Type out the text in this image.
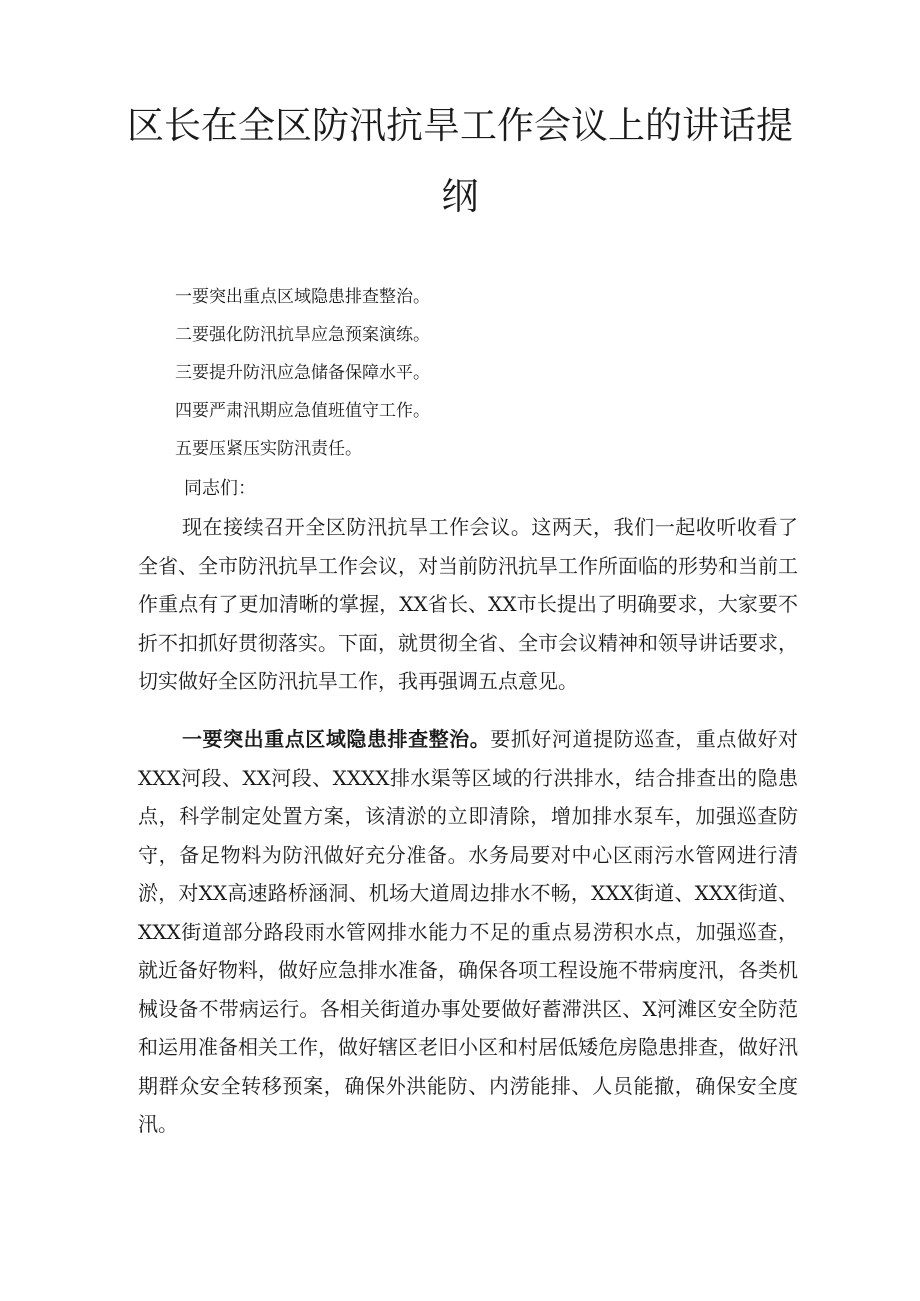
区长在全区防汛抗旱工作会议上的讲话提
纲
一要突出重点区域隐患排查整治。
二要强化防汛抗旱应急预案演练。
三要提升防汛应急储备保障水平。
四要严肃汛期应急值班值守工作。
五要压紧压实防汛责任。
同志们：

现在接续召开全区防汛抗旱工作会议。这两天，我们一起收听收看了全省、全市防汛抗旱工作会议，对当前防汛抗旱工作所面临的形势和当前工作重点有了更加清晰的掌握，XX省长、XX市长提出了明确要求，大家要不折不扣抓好贯彻落实。下面，就贯彻全省、全市会议精神和领导讲话要求，切实做好全区防汛抗旱工作，我再强调五点意见。

一要突出重点区域隐患排查整治。要抓好河道提防巡查，重点做好对XXX河段、XX河段、XXXX排水渠等区域的行洪排水，结合排查出的隐患点，科学制定处置方案，该清淤的立即清除，增加排水泵车，加强巡查防守，备足物料为防汛做好充分准备。水务局要对中心区雨污水管网进行清淤，对XX高速路桥涵洞、机场大道周边排水不畅，XXX街道、XXX街道、XXX街道部分路段雨水管网排水能力不足的重点易涝积水点，加强巡查，就近备好物料，做好应急排水准备，确保各项工程设施不带病度汛，各类机械设备不带病运行。各相关街道办事处要做好蓄滞洪区、X河滩区安全防范和运用准备相关工作，做好辖区老旧小区和村居低矮危房隐患排查，做好汛期群众安全转移预案，确保外洪能防、内涝能排、人员能撤，确保安全度汛。
